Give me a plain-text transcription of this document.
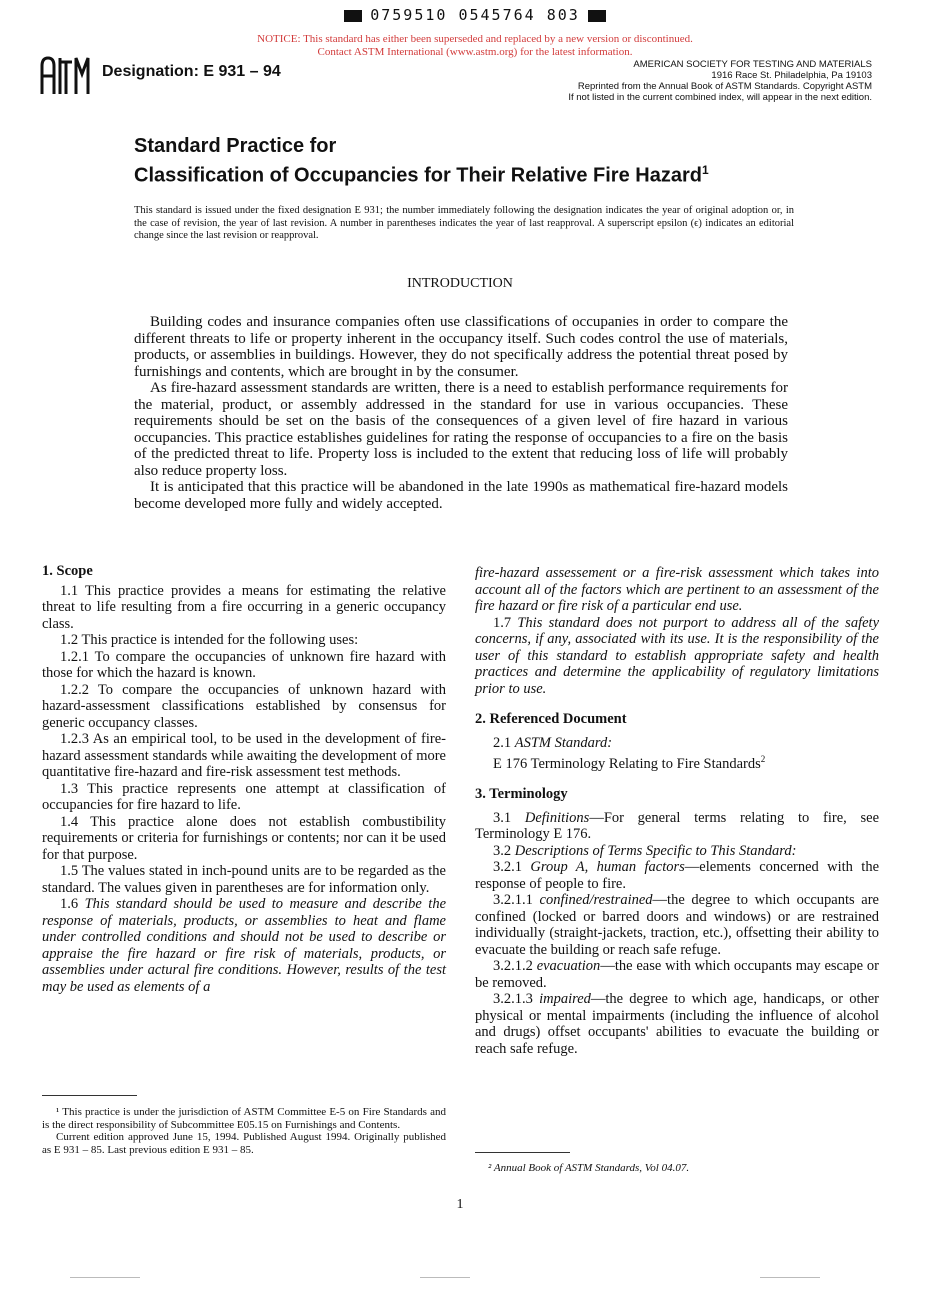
0759510 0545764 803
NOTICE: This standard has either been superseded and replaced by a new version or discontinued.
Contact ASTM International (www.astm.org) for the latest information.
Designation: E 931 – 94	AMERICAN SOCIETY FOR TESTING AND MATERIALS
1916 Race St. Philadelphia, Pa 19103
Reprinted from the Annual Book of ASTM Standards. Copyright ASTM
If not listed in the current combined index, will appear in the next edition.
Standard Practice for
Classification of Occupancies for Their Relative Fire Hazard$^1$
This standard is issued under the fixed designation E 931; the number immediately following the designation indicates the year of original adoption or, in the case of revision, the year of last revision. A number in parentheses indicates the year of last reapproval. A superscript epsilon (ϵ) indicates an editorial change since the last revision or reapproval.
INTRODUCTION

Building codes and insurance companies often use classifications of occupanies in order to compare the different threats to life or property inherent in the occupancy itself. Such codes control the use of materials, products, or assemblies in buildings. However, they do not specifically address the potential threat posed by furnishings and contents, which are brought in by the consumer.

As fire-hazard assessment standards are written, there is a need to establish performance requirements for the material, product, or assembly addressed in the standard for use in various occupancies. These requirements should be set on the basis of the consequences of a given level of fire hazard in various occupancies. This practice establishes guidelines for rating the response of occupancies to a fire on the basis of the predicted threat to life. Property loss is included to the extent that reducing loss of life will probably also reduce property loss.

It is anticipated that this practice will be abandoned in the late 1990s as mathematical fire-hazard models become developed more fully and widely accepted.

1. Scope

1.1 This practice provides a means for estimating the relative threat to life resulting from a fire occurring in a generic occupancy class.

1.2 This practice is intended for the following uses:

1.2.1 To compare the occupancies of unknown fire hazard with those for which the hazard is known.

1.2.2 To compare the occupancies of unknown hazard with hazard-assessment classifications established by consensus for generic occupancy classes.

1.2.3 As an empirical tool, to be used in the development of fire-hazard assessment standards while awaiting the development of more quantitative fire-hazard and fire-risk assessment test methods.

1.3 This practice represents one attempt at classification of occupancies for fire hazard to life.

1.4 This practice alone does not establish combustibility requirements or criteria for furnishings or contents; nor can it be used for that purpose.

1.5 The values stated in inch-pound units are to be regarded as the standard. The values given in parentheses are for information only.

1.6 This standard should be used to measure and describe the response of materials, products, or assemblies to heat and flame under controlled conditions and should not be used to describe or appraise the fire hazard or fire risk of materials, products, or assemblies under actural fire conditions. However, results of the test may be used as elements of a

¹ This practice is under the jurisdiction of ASTM Committee E-5 on Fire Standards and is the direct responsibility of Subcommittee E05.15 on Furnishings and Contents.

Current edition approved June 15, 1994. Published August 1994. Originally published as E 931 – 85. Last previous edition E 931 – 85.

fire-hazard assessement or a fire-risk assessment which takes into account all of the factors which are pertinent to an assessment of the fire hazard or fire risk of a particular end use.

1.7 This standard does not purport to address all of the safety concerns, if any, associated with its use. It is the responsibility of the user of this standard to establish appropriate safety and health practices and determine the applicability of regulatory limitations prior to use.

2. Referenced Document

2.1 ASTM Standard:

E 176 Terminology Relating to Fire Standards$^2$

3. Terminology

3.1 Definitions—For general terms relating to fire, see Terminology E 176.

3.2 Descriptions of Terms Specific to This Standard:

3.2.1 Group A, human factors—elements concerned with the response of people to fire.

3.2.1.1 confined/restrained—the degree to which occupants are confined (locked or barred doors and windows) or are restrained individually (straight-jackets, traction, etc.), offsetting their ability to evacuate the building or reach safe refuge.

3.2.1.2 evacuation—the ease with which occupants may escape or be removed.

3.2.1.3 impaired—the degree to which age, handicaps, or other physical or mental impairments (including the influence of alcohol and drugs) offset occupants' abilities to evacuate the building or reach safe refuge.

² Annual Book of ASTM Standards, Vol 04.07.
1
